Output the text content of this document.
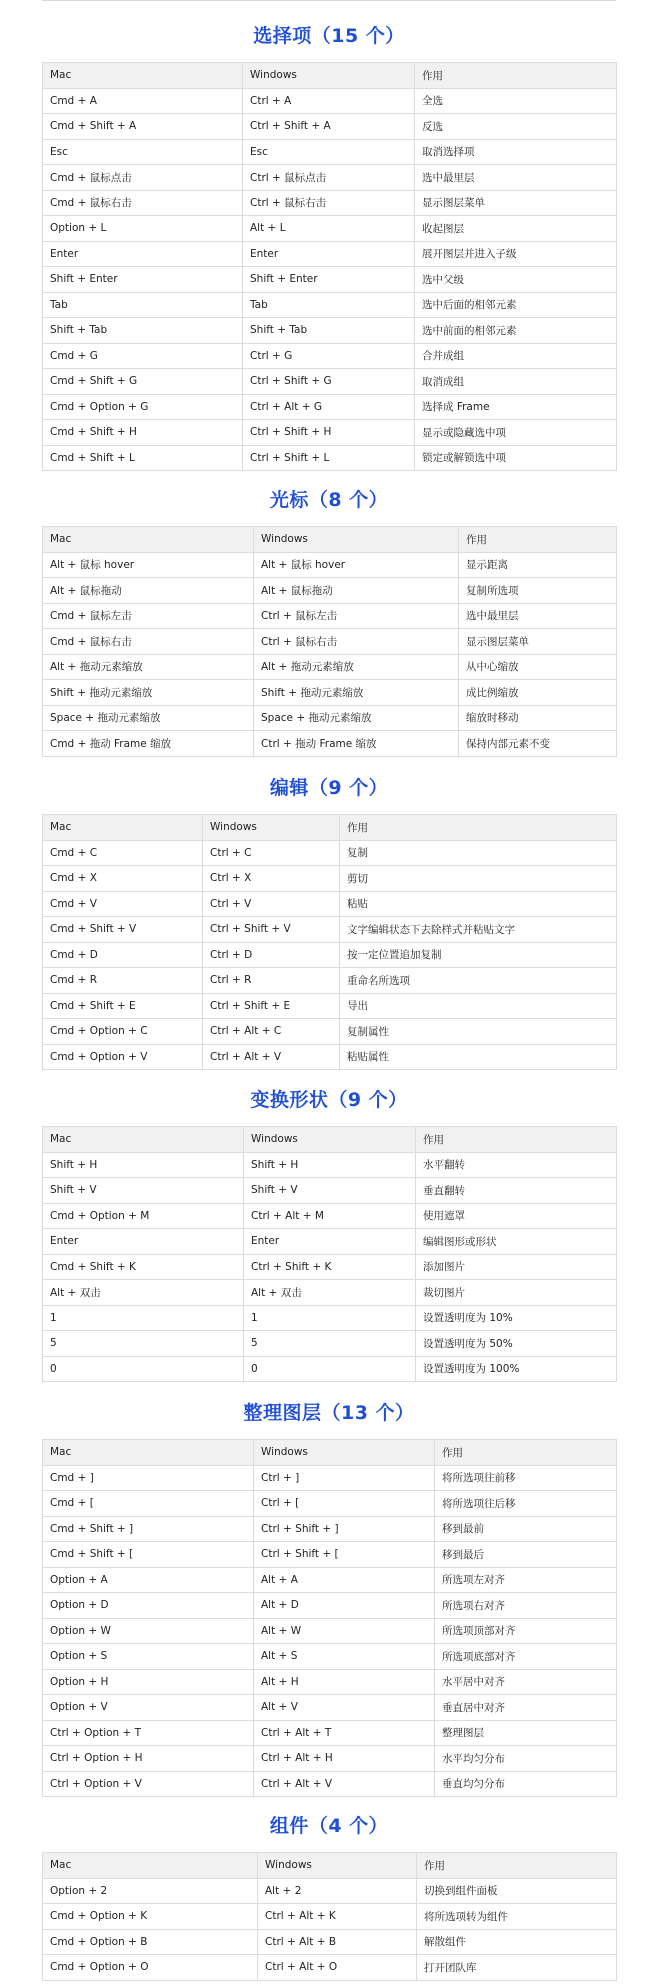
选择项（15 个）
Mac	Windows	作用
Cmd + A	Ctrl + A	全选
Cmd + Shift + A	Ctrl + Shift + A	反选
Esc	Esc	取消选择项
Cmd + 鼠标点击	Ctrl + 鼠标点击	选中最里层
Cmd + 鼠标右击	Ctrl + 鼠标右击	显示图层菜单
Option + L	Alt + L	收起图层
Enter	Enter	展开图层并进入子级
Shift + Enter	Shift + Enter	选中父级
Tab	Tab	选中后面的相邻元素
Shift + Tab	Shift + Tab	选中前面的相邻元素
Cmd + G	Ctrl + G	合并成组
Cmd + Shift + G	Ctrl + Shift + G	取消成组
Cmd + Option + G	Ctrl + Alt + G	选择成 Frame
Cmd + Shift + H	Ctrl + Shift + H	显示或隐藏选中项
Cmd + Shift + L	Ctrl + Shift + L	锁定或解锁选中项
光标（8 个）
Mac	Windows	作用
Alt + 鼠标 hover	Alt + 鼠标 hover	显示距离
Alt + 鼠标拖动	Alt + 鼠标拖动	复制所选项
Cmd + 鼠标左击	Ctrl + 鼠标左击	选中最里层
Cmd + 鼠标右击	Ctrl + 鼠标右击	显示图层菜单
Alt + 拖动元素缩放	Alt + 拖动元素缩放	从中心缩放
Shift + 拖动元素缩放	Shift + 拖动元素缩放	成比例缩放
Space + 拖动元素缩放	Space + 拖动元素缩放	缩放时移动
Cmd + 拖动 Frame 缩放	Ctrl + 拖动 Frame 缩放	保持内部元素不变
编辑（9 个）
Mac	Windows	作用
Cmd + C	Ctrl + C	复制
Cmd + X	Ctrl + X	剪切
Cmd + V	Ctrl + V	粘贴
Cmd + Shift + V	Ctrl + Shift + V	文字编辑状态下去除样式并粘贴文字
Cmd + D	Ctrl + D	按一定位置追加复制
Cmd + R	Ctrl + R	重命名所选项
Cmd + Shift + E	Ctrl + Shift + E	导出
Cmd + Option + C	Ctrl + Alt + C	复制属性
Cmd + Option + V	Ctrl + Alt + V	粘贴属性
变换形状（9 个）
Mac	Windows	作用
Shift + H	Shift + H	水平翻转
Shift + V	Shift + V	垂直翻转
Cmd + Option + M	Ctrl + Alt + M	使用遮罩
Enter	Enter	编辑图形或形状
Cmd + Shift + K	Ctrl + Shift + K	添加图片
Alt + 双击	Alt + 双击	裁切图片
1	1	设置透明度为 10%
5	5	设置透明度为 50%
0	0	设置透明度为 100%
整理图层（13 个）
Mac	Windows	作用
Cmd + ]	Ctrl + ]	将所选项往前移
Cmd + [	Ctrl + [	将所选项往后移
Cmd + Shift + ]	Ctrl + Shift + ]	移到最前
Cmd + Shift + [	Ctrl + Shift + [	移到最后
Option + A	Alt + A	所选项左对齐
Option + D	Alt + D	所选项右对齐
Option + W	Alt + W	所选项顶部对齐
Option + S	Alt + S	所选项底部对齐
Option + H	Alt + H	水平居中对齐
Option + V	Alt + V	垂直居中对齐
Ctrl + Option + T	Ctrl + Alt + T	整理图层
Ctrl + Option + H	Ctrl + Alt + H	水平均匀分布
Ctrl + Option + V	Ctrl + Alt + V	垂直均匀分布
组件（4 个）
Mac	Windows	作用
Option + 2	Alt + 2	切换到组件面板
Cmd + Option + K	Ctrl + Alt + K	将所选项转为组件
Cmd + Option + B	Ctrl + Alt + B	解散组件
Cmd + Option + O	Ctrl + Alt + O	打开团队库
